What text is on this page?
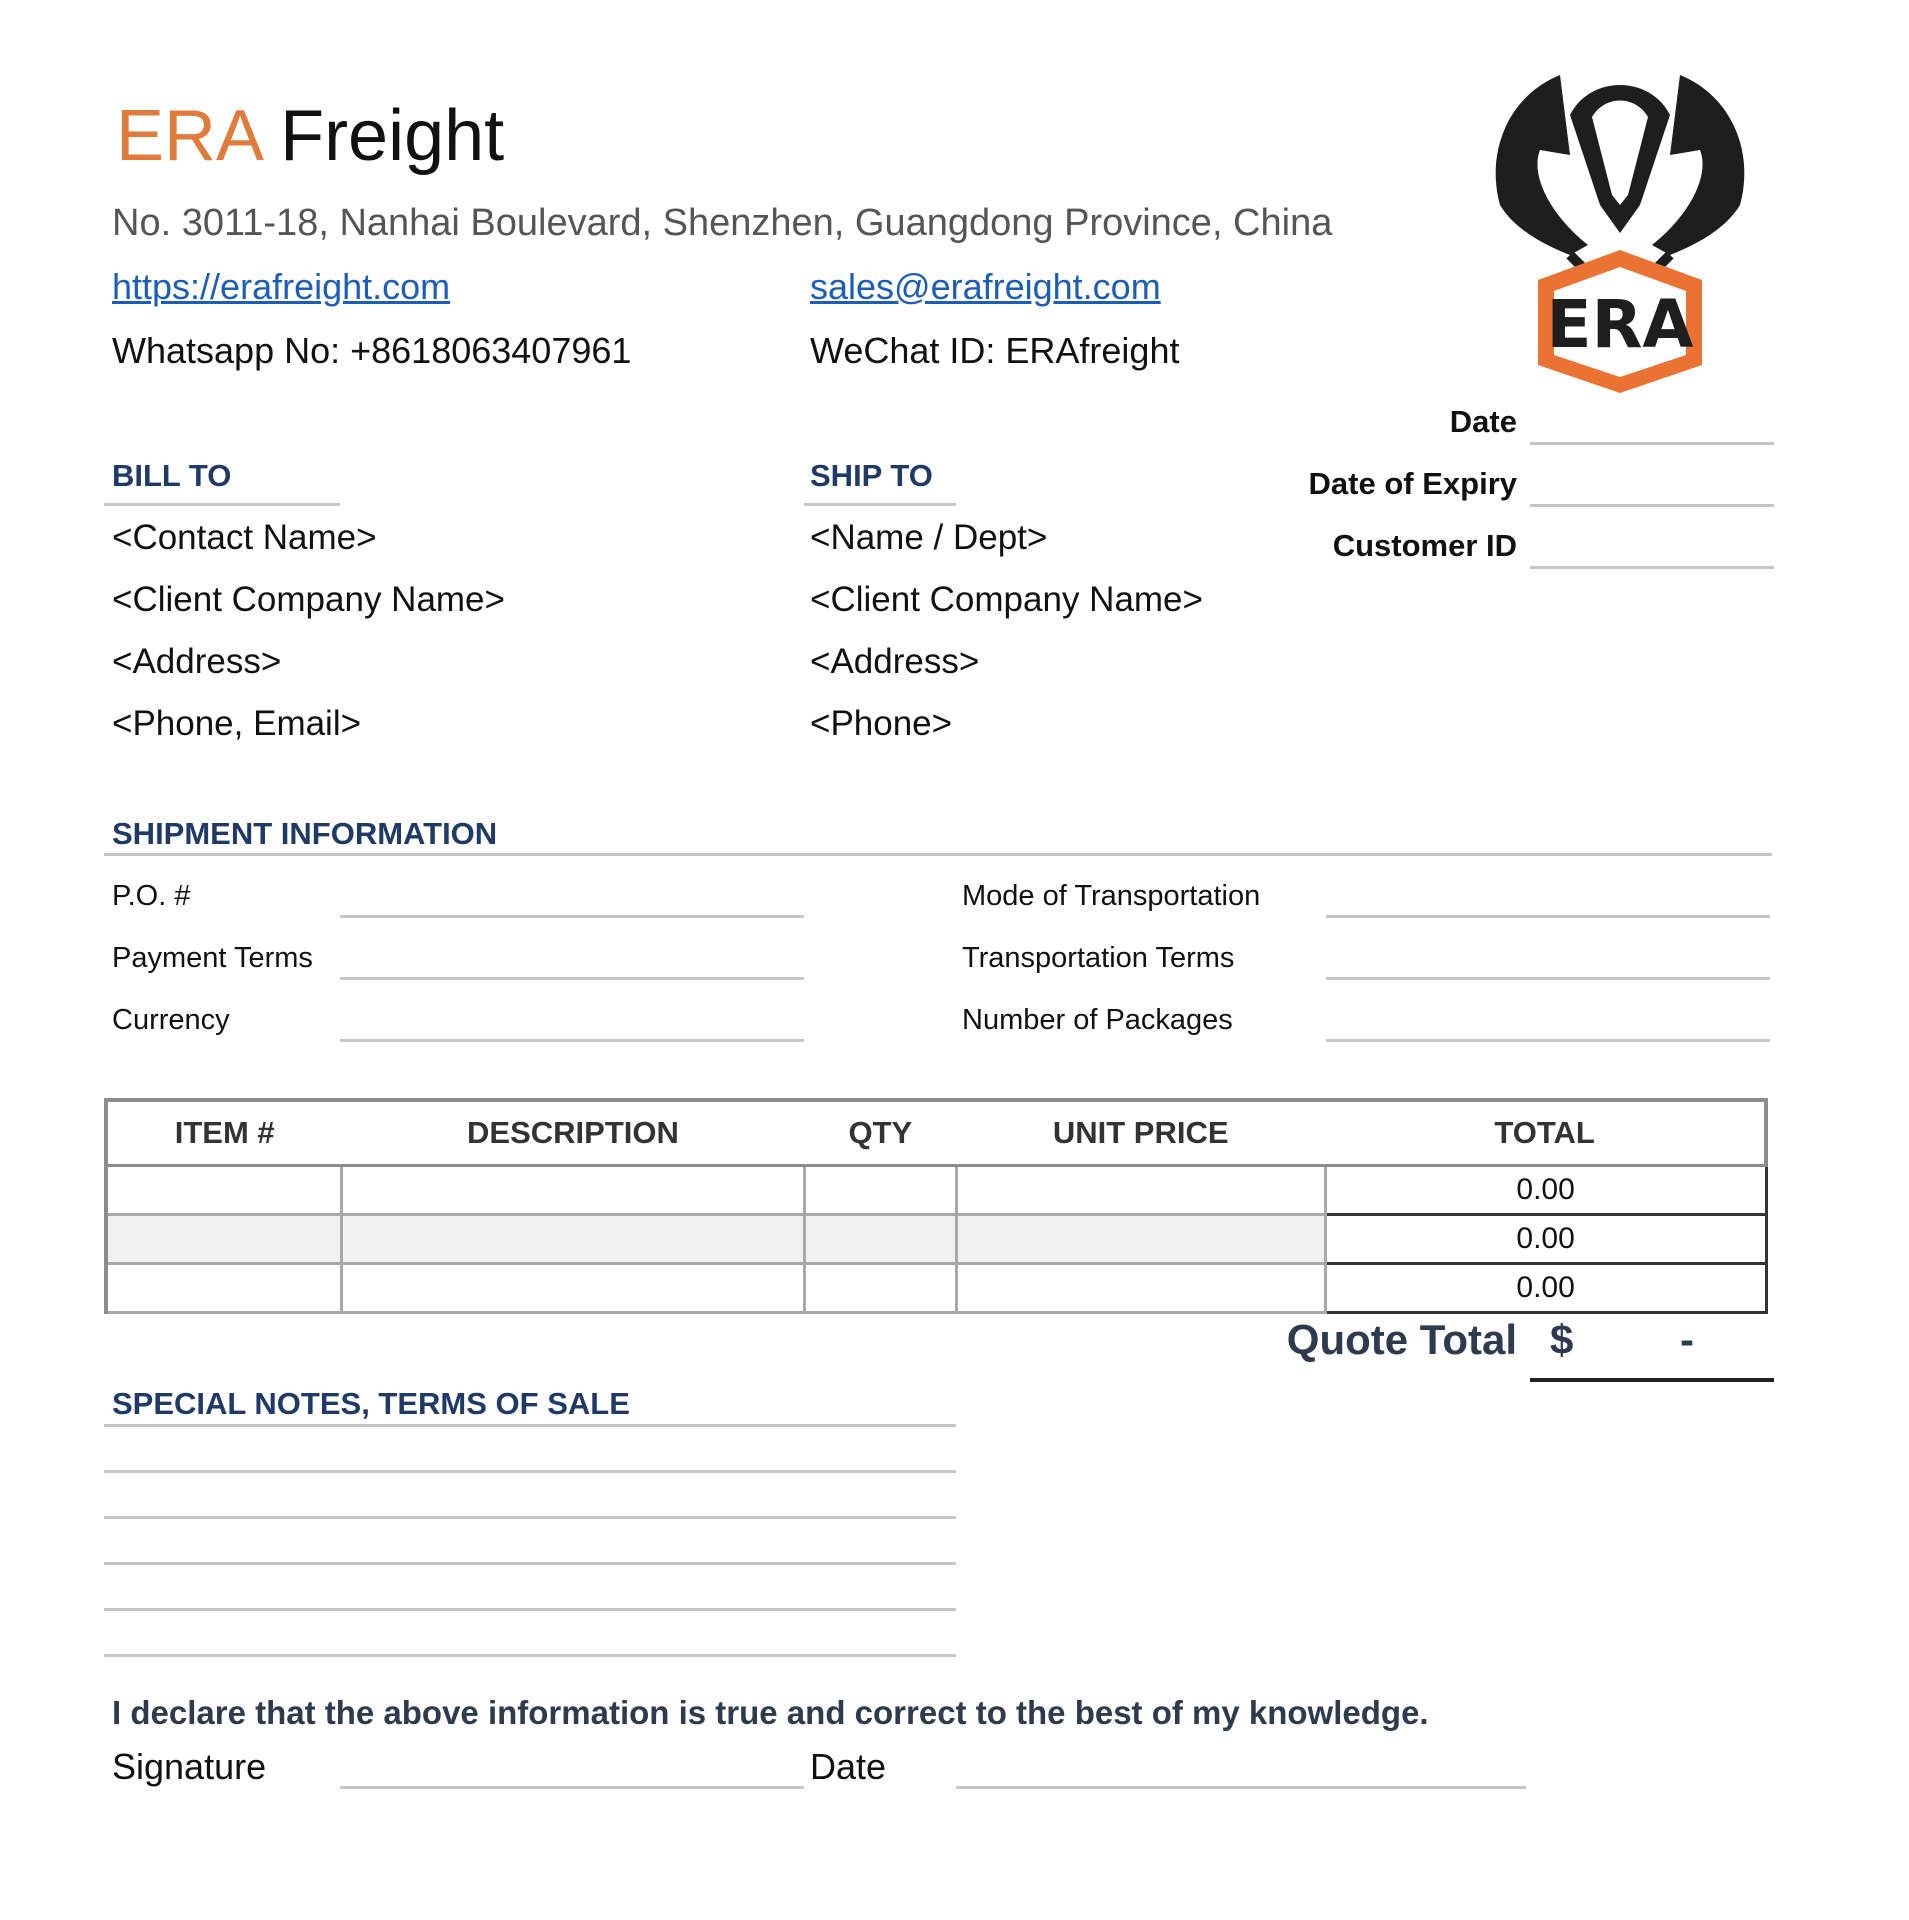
ERA Freight
No. 3011-18, Nanhai Boulevard, Shenzhen, Guangdong Province, China
https://erafreight.com	sales@erafreight.com
Whatsapp No: +8618063407961	WeChat ID: ERAfreight	ERA
Date
Date of Expiry
Customer ID
BILL TO
<Contact Name>
<Client Company Name>
<Address>
<Phone, Email>
SHIP TO
<Name / Dept>
<Client Company Name>
<Address>
<Phone>
SHIPMENT INFORMATION
P.O. #
Payment Terms
Currency
Mode of Transportation
Transportation Terms
Number of Packages
ITEM #	DESCRIPTION	QTY	UNIT PRICE	TOTAL
				0.00
				0.00
				0.00
Quote Total $	-
SPECIAL NOTES, TERMS OF SALE
I declare that the above information is true and correct to the best of my knowledge.
Signature	Date
